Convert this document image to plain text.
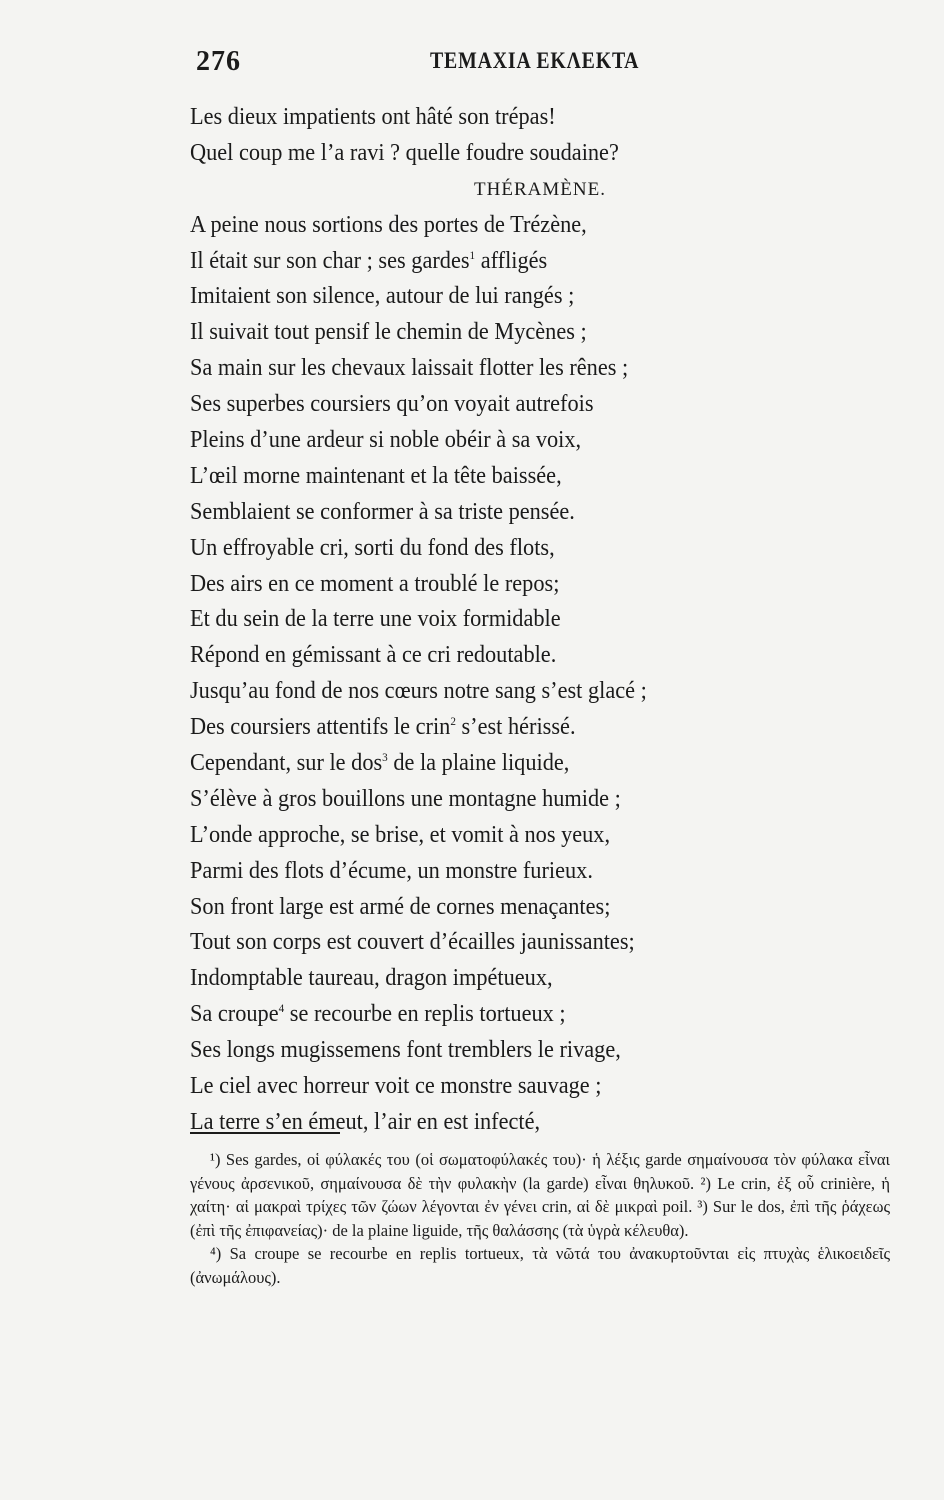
276	ΤΕΜΑΧΙΑ ΕΚΛΕΚΤΑ
Les dieux impatients ont hâté son trépas!
Quel coup me l’a ravi ? quelle foudre soudaine?
THÉRAMÈNE.
A peine nous sortions des portes de Trézène,
Il était sur son char ; ses gardes$^1$ affligés
Imitaient son silence, autour de lui rangés ;
Il suivait tout pensif le chemin de Mycènes ;
Sa main sur les chevaux laissait flotter les rênes ;
Ses superbes coursiers qu’on voyait autrefois
Pleins d’une ardeur si noble obéir à sa voix,
L’œil morne maintenant et la tête baissée,
Semblaient se conformer à sa triste pensée.
Un effroyable cri, sorti du fond des flots,
Des airs en ce moment a troublé le repos;
Et du sein de la terre une voix formidable
Répond en gémissant à ce cri redoutable.
Jusqu’au fond de nos cœurs notre sang s’est glacé ;
Des coursiers attentifs le crin$^2$ s’est hérissé.
Cependant, sur le dos$^3$ de la plaine liquide,
S’élève à gros bouillons une montagne humide ;
L’onde approche, se brise, et vomit à nos yeux,
Parmi des flots d’écume, un monstre furieux.
Son front large est armé de cornes menaçantes;
Tout son corps est couvert d’écailles jaunissantes;
Indomptable taureau, dragon impétueux,
Sa croupe$^4$ se recourbe en replis tortueux ;
Ses longs mugissemens font tremblers le rivage,
Le ciel avec horreur voit ce monstre sauvage ;
La terre s’en émeut, l’air en est infecté,

¹) Ses gardes, οἱ φύλακές του (οἱ σωματοφύλακές του)· ἡ λέξις garde σημαίνουσα τὸν φύλακα εἶναι γένους ἀρσενικοῦ, σημαίνουσα δὲ τὴν φυλακὴν (la garde) εἶναι θηλυκοῦ. ²) Le crin, ἐξ οὗ crinière, ἡ χαίτη· αἱ μακραὶ τρίχες τῶν ζώων λέγονται ἐν γένει crin, αἱ δὲ μικραὶ poil. ³) Sur le dos, ἐπὶ τῆς ῥάχεως (ἐπὶ τῆς ἐπιφανείας)· de la plaine liguide, τῆς θαλάσσης (τὰ ὑγρὰ κέλευθα).

⁴) Sa croupe se recourbe en replis tortueux, τὰ νῶτά του ἀνακυρτοῦνται εἰς πτυχὰς ἑλικοειδεῖς (ἀνωμάλους).
